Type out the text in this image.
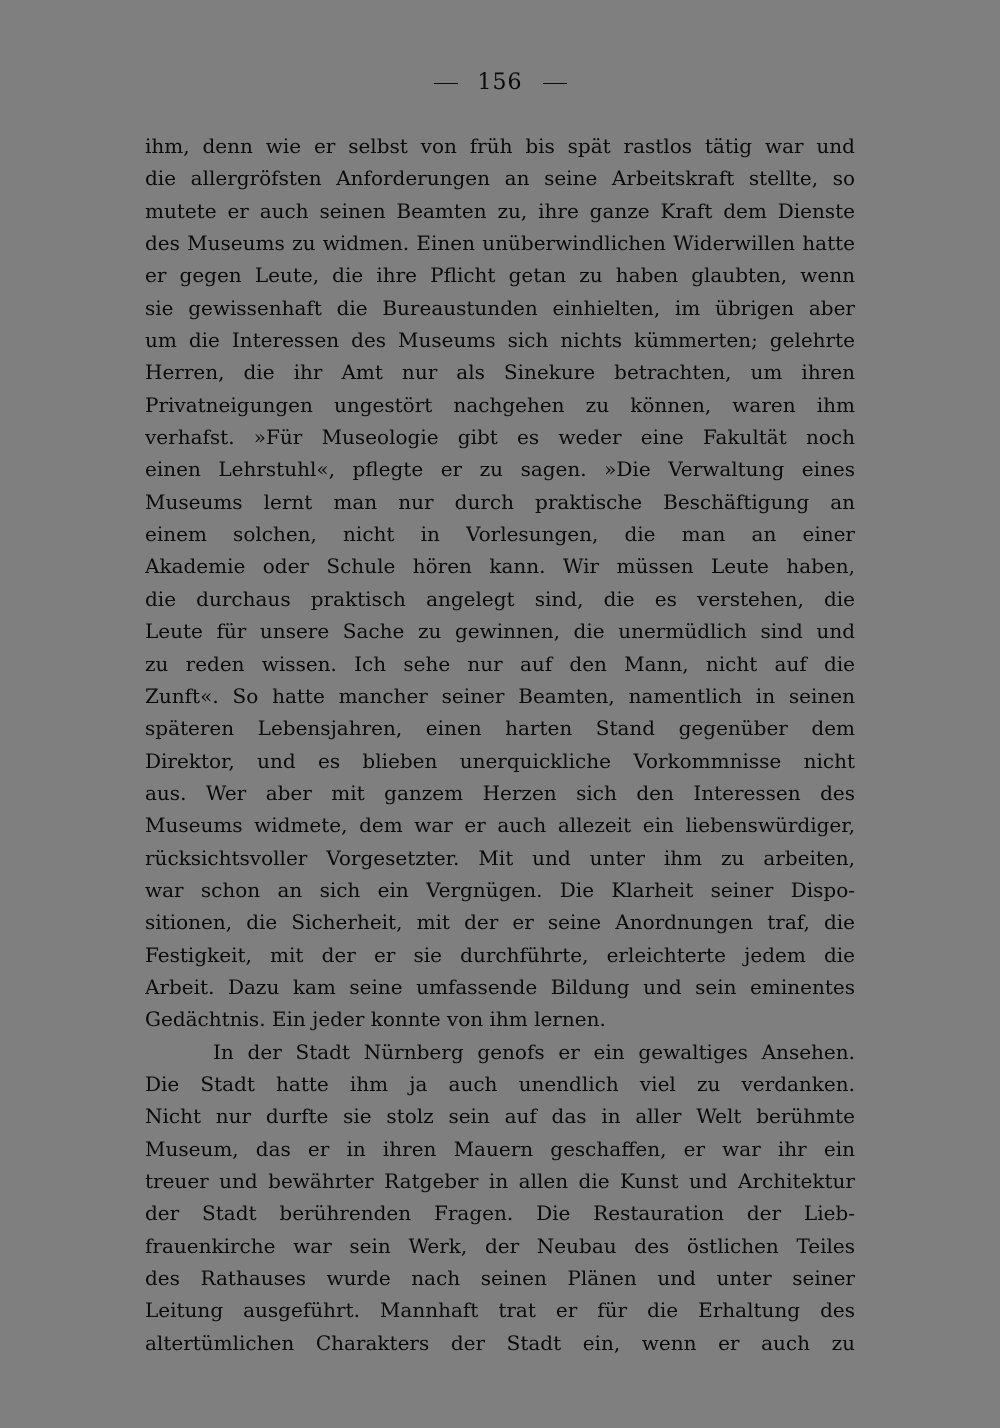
156
ihm, denn wie er selbst von früh bis spät rastlos tätig war und
die allergröfsten Anforderungen an seine Arbeitskraft stellte, so
mutete er auch seinen Beamten zu, ihre ganze Kraft dem Dienste
des Museums zu widmen. Einen unüberwindlichen Widerwillen hatte
er gegen Leute, die ihre Pflicht getan zu haben glaubten, wenn
sie gewissenhaft die Bureaustunden einhielten, im übrigen aber
um die Interessen des Museums sich nichts kümmerten; gelehrte
Herren, die ihr Amt nur als Sinekure betrachten, um ihren
Privatneigungen ungestört nachgehen zu können, waren ihm
verhafst. »Für Museologie gibt es weder eine Fakultät noch
einen Lehrstuhl«, pflegte er zu sagen. »Die Verwaltung eines
Museums lernt man nur durch praktische Beschäftigung an
einem solchen, nicht in Vorlesungen, die man an einer
Akademie oder Schule hören kann. Wir müssen Leute haben,
die durchaus praktisch angelegt sind, die es verstehen, die
Leute für unsere Sache zu gewinnen, die unermüdlich sind und
zu reden wissen. Ich sehe nur auf den Mann, nicht auf die
Zunft«. So hatte mancher seiner Beamten, namentlich in seinen
späteren Lebensjahren, einen harten Stand gegenüber dem
Direktor, und es blieben unerquickliche Vorkommnisse nicht
aus. Wer aber mit ganzem Herzen sich den Interessen des
Museums widmete, dem war er auch allezeit ein liebenswürdiger,
rücksichtsvoller Vorgesetzter. Mit und unter ihm zu arbeiten,
war schon an sich ein Vergnügen. Die Klarheit seiner Dispo-
sitionen, die Sicherheit, mit der er seine Anordnungen traf, die
Festigkeit, mit der er sie durchführte, erleichterte jedem die
Arbeit. Dazu kam seine umfassende Bildung und sein eminentes
Gedächtnis. Ein jeder konnte von ihm lernen.
In der Stadt Nürnberg genofs er ein gewaltiges Ansehen.
Die Stadt hatte ihm ja auch unendlich viel zu verdanken.
Nicht nur durfte sie stolz sein auf das in aller Welt berühmte
Museum, das er in ihren Mauern geschaffen, er war ihr ein
treuer und bewährter Ratgeber in allen die Kunst und Architektur
der Stadt berührenden Fragen. Die Restauration der Lieb-
frauenkirche war sein Werk, der Neubau des östlichen Teiles
des Rathauses wurde nach seinen Plänen und unter seiner
Leitung ausgeführt. Mannhaft trat er für die Erhaltung des
altertümlichen Charakters der Stadt ein, wenn er auch zu
